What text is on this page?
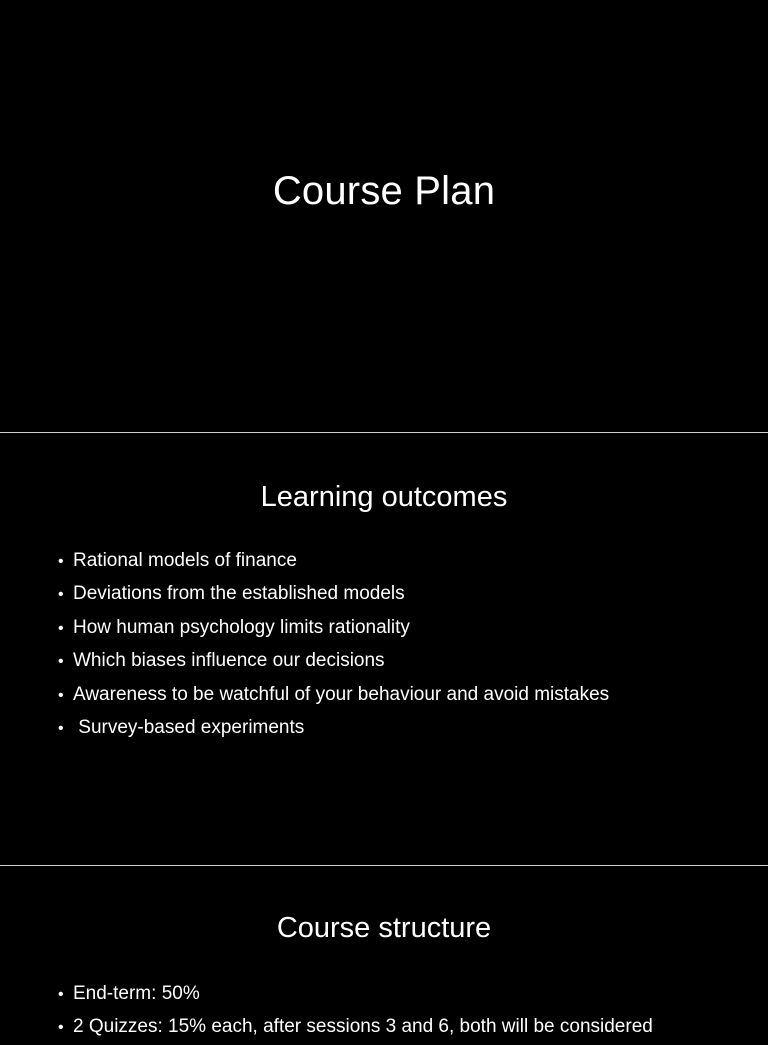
Course Plan
Learning outcomes
• Rational models of finance
• Deviations from the established models
• How human psychology limits rationality
• Which biases influence our decisions
• Awareness to be watchful of your behaviour and avoid mistakes
• Survey-based experiments
Course structure
• End-term: 50%
• 2 Quizzes: 15% each, after sessions 3 and 6, both will be considered
